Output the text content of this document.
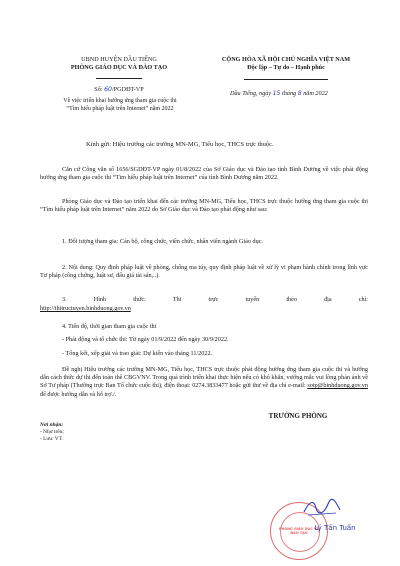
UBND HUYỆN DẦU TIẾNG
PHÒNG GIÁO DỤC VÀ ĐÀO TẠO
CỘNG HÒA XÃ HỘI CHỦ NGHĨA VIỆT NAM
Độc lập – Tự do – Hạnh phúc
Số: 60/PGDĐT-VP
Về việc triển khai hướng ứng tham gia cuộc thi “Tìm hiểu pháp luật trên Internet” năm 2022
Dầu Tiếng, ngày 15 tháng 8 năm 2022
Kính gửi: Hiệu trưởng các trường MN-MG, Tiểu học, THCS trực thuộc.
Căn cứ Công văn số 1656/SGDĐT-VP ngày 01/8/2022 của Sở Giáo dục và Đào tạo tỉnh Bình Dương về việc phát động hưởng ứng tham gia cuộc thi “Tìm hiểu pháp luật trên Internet” của tỉnh Bình Dương năm 2022.
Phòng Giáo dục và Đào tạo triển khai đến các trường MN-MG, Tiểu học, THCS trực thuộc hưởng ứng tham gia cuộc thi “Tìm hiểu pháp luật trên Internet” năm 2022 do Sở Giáo dục và Đào tạo phát động như sau:
1. Đối tượng tham gia: Cán bộ, công chức, viên chức, nhân viên ngành Giáo dục.
2. Nội dung: Quy định pháp luật về phòng, chống ma túy, quy định pháp luật về xử lý vi phạm hành chính trong lĩnh vực Tư pháp (công chứng, luật sư, đấu giá tài sản,..).
3. Hình thức: Thi trực tuyến theo địa chỉ:
http://thitructuyen.binhduong.gov.vn
4. Tiến độ, thời gian tham gia cuộc thi
- Phát động và tổ chức thi: Từ ngày 01/9/2022 đến ngày 30/9/2022.
- Tổng kết, xếp giải và trao giải: Dự kiến vào tháng 11/2022.
Đề nghị Hiệu trưởng các trường MN-MG, Tiểu học, THCS trực thuộc phát động hưởng ứng tham gia cuộc thi và hướng dẫn cách thức dự thi đến toàn thể CBGVNV. Trong quá trình triển khai thực hiện nếu có khó khăn, vướng mắc vui lòng phản ánh về Sở Tư pháp (Thường trực Ban Tổ chức cuộc thi), điện thoại: 0274.3833477 hoặc gửi thư về địa chỉ e-mail: sotp@binhduong.gov.vn để được hướng dẫn và hỗ trợ./.
Nơi nhận:
- Như trên;
- Lưu: VT.
TRƯỞNG PHÒNG
PHÒNG GIÁO DỤC VÀ ĐÀO TẠO
Lý Tấn Tuấn
